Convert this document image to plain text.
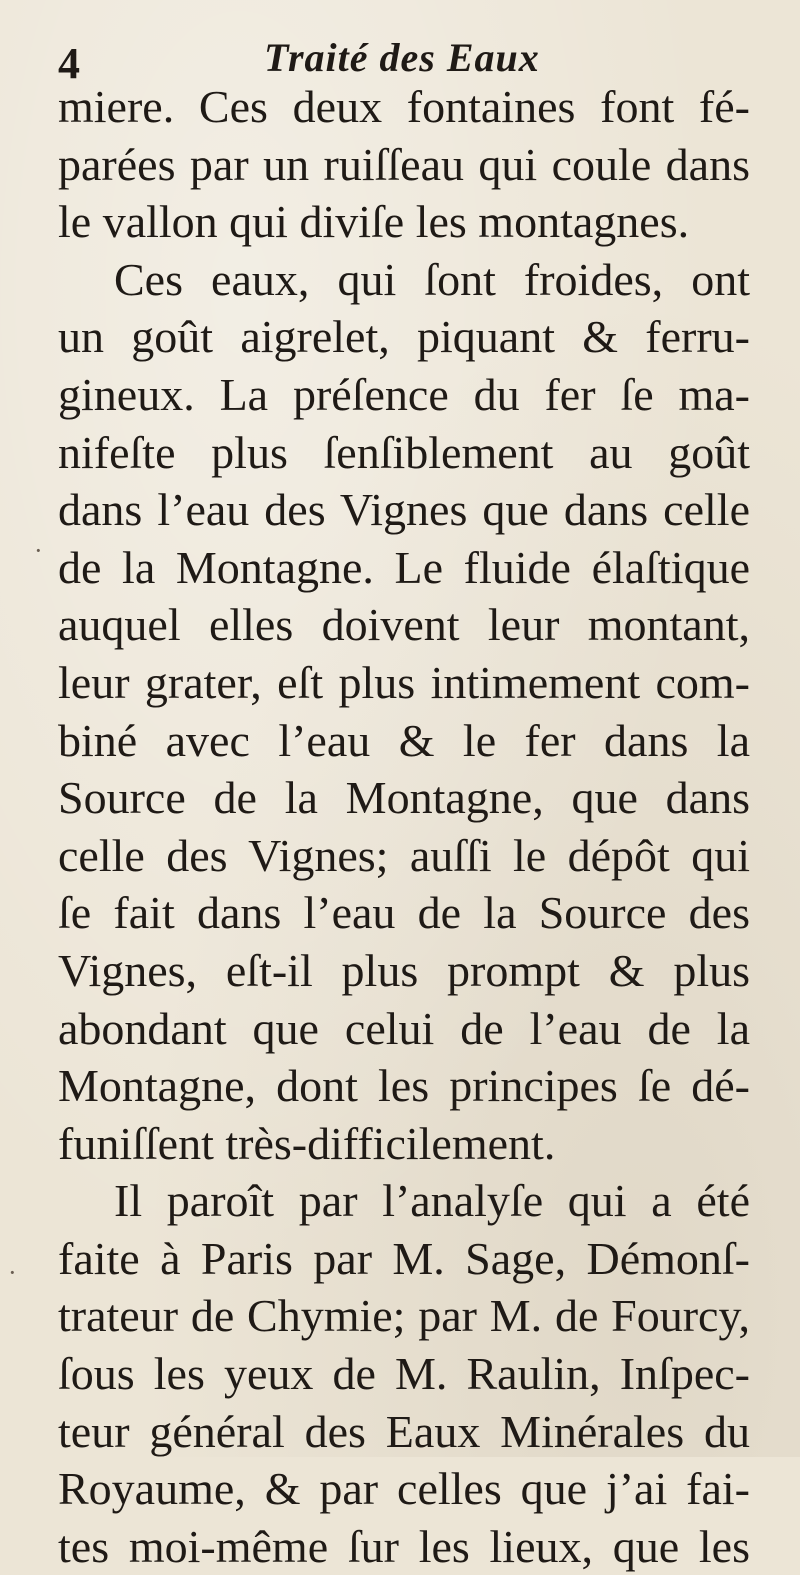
4	Traité des Eaux
miere. Ces deux fontaines font fé-
parées par un ruiſſeau qui coule dans
le vallon qui diviſe les montagnes.
Ces eaux, qui ſont froides, ont
un goût aigrelet, piquant & ferru-
gineux. La préſence du fer ſe ma-
nifeſte plus ſenſiblement au goût
dans l’eau des Vignes que dans celle
de la Montagne. Le fluide élaſtique
auquel elles doivent leur montant,
leur grater, eſt plus intimement com-
biné avec l’eau & le fer dans la
Source de la Montagne, que dans
celle des Vignes; auſſi le dépôt qui
ſe fait dans l’eau de la Source des
Vignes, eſt-il plus prompt & plus
abondant que celui de l’eau de la
Montagne, dont les principes ſe dé-
funiſſent très-difficilement.
Il paroît par l’analyſe qui a été
faite à Paris par M. Sage, Démonſ-
trateur de Chymie; par M. de Fourcy,
ſous les yeux de M. Raulin, Inſpec-
teur général des Eaux Minérales du
Royaume, & par celles que j’ai fai-
tes moi-même ſur les lieux, que les
·
·
